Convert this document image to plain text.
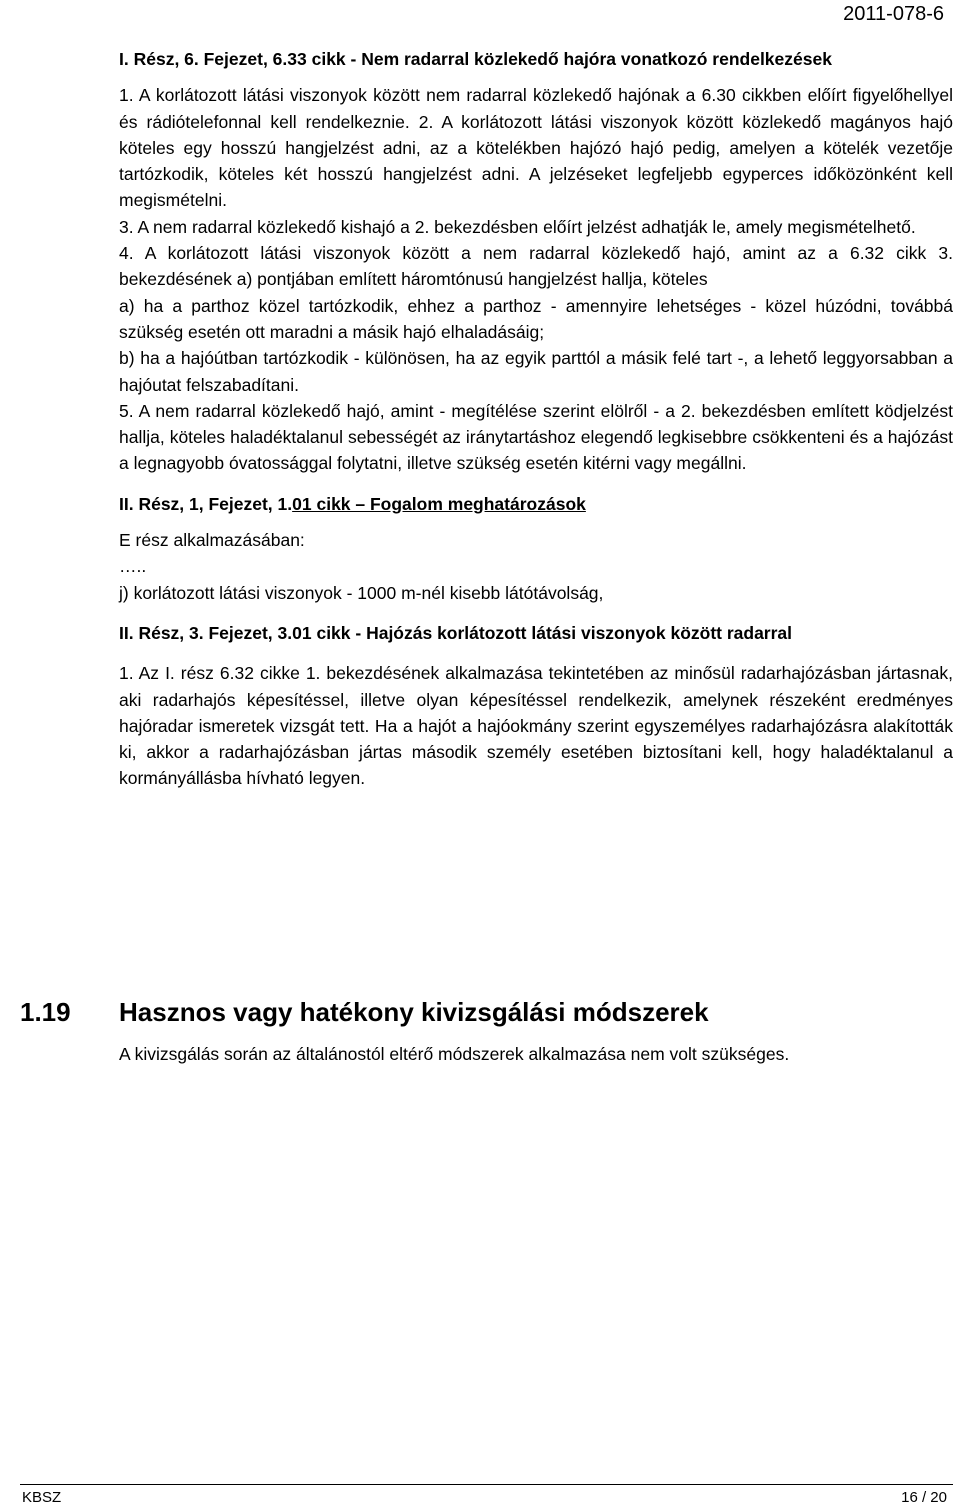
2011-078-6

I. Rész, 6. Fejezet, 6.33 cikk - Nem radarral közlekedő hajóra vonatkozó rendelkezések

1. A korlátozott látási viszonyok között nem radarral közlekedő hajónak a 6.30 cikkben előírt figyelőhellyel és rádiótelefonnal kell rendelkeznie. 2. A korlátozott látási viszonyok között közlekedő magányos hajó köteles egy hosszú hangjelzést adni, az a kötelékben hajózó hajó pedig, amelyen a kötelék vezetője tartózkodik, köteles két hosszú hangjelzést adni. A jelzéseket legfeljebb egyperces időközönként kell megismételni.

3. A nem radarral közlekedő kishajó a 2. bekezdésben előírt jelzést adhatják le, amely megismételhető.

4. A korlátozott látási viszonyok között a nem radarral közlekedő hajó, amint az a 6.32 cikk 3. bekezdésének a) pontjában említett háromtónusú hangjelzést hallja, köteles

a) ha a parthoz közel tartózkodik, ehhez a parthoz - amennyire lehetséges - közel húzódni, továbbá szükség esetén ott maradni a másik hajó elhaladásáig;

b) ha a hajóútban tartózkodik - különösen, ha az egyik parttól a másik felé tart -, a lehető leggyorsabban a hajóutat felszabadítani.

5. A nem radarral közlekedő hajó, amint - megítélése szerint elölről - a 2. bekezdésben említett ködjelzést hallja, köteles haladéktalanul sebességét az iránytartáshoz elegendő legkisebbre csökkenteni és a hajózást a legnagyobb óvatossággal folytatni, illetve szükség esetén kitérni vagy megállni.

II. Rész, 1, Fejezet, 1.01 cikk – Fogalom meghatározások

E rész alkalmazásában:

…..

j) korlátozott látási viszonyok - 1000 m-nél kisebb látótávolság,

II. Rész, 3. Fejezet, 3.01 cikk - Hajózás korlátozott látási viszonyok között radarral

1. Az I. rész 6.32 cikke 1. bekezdésének alkalmazása tekintetében az minősül radarhajózásban jártasnak, aki radarhajós képesítéssel, illetve olyan képesítéssel rendelkezik, amelynek részeként eredményes hajóradar ismeretek vizsgát tett. Ha a hajót a hajóokmány szerint egyszemélyes radarhajózásra alakították ki, akkor a radarhajózásban jártas második személy esetében biztosítani kell, hogy haladéktalanul a kormányállásba hívható legyen.

1.19	Hasznos vagy hatékony kivizsgálási módszerek
A kivizsgálás során az általánostól eltérő módszerek alkalmazása nem volt szükséges.
KBSZ	16 / 20
